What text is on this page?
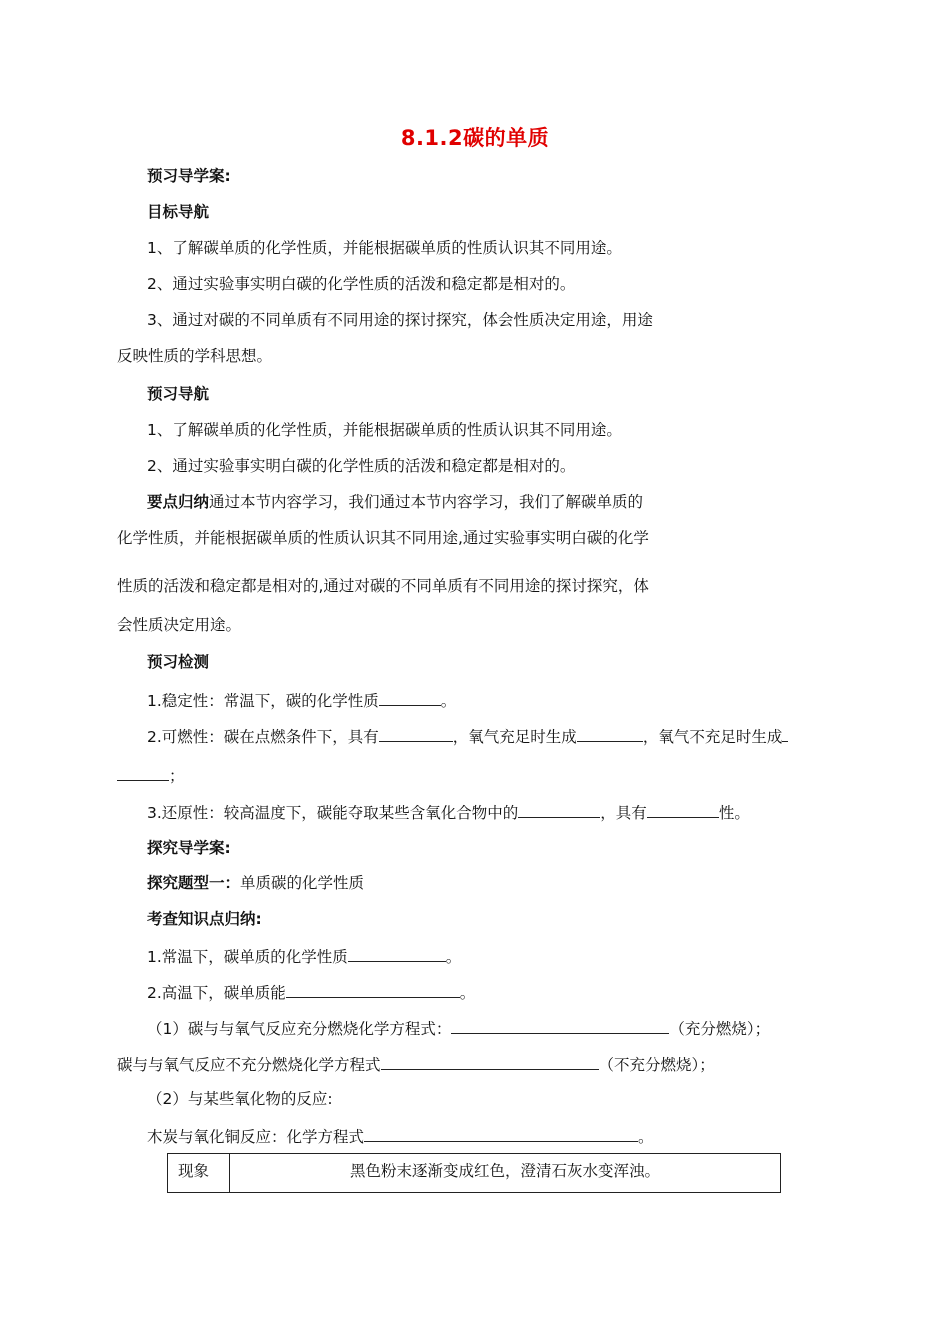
8.1.2碳的单质
预习导学案:
目标导航
1、了解碳单质的化学性质，并能根据碳单质的性质认识其不同用途。
2、通过实验事实明白碳的化学性质的活泼和稳定都是相对的。
3、通过对碳的不同单质有不同用途的探讨探究，体会性质决定用途，用途
反映性质的学科思想。
预习导航
1、了解碳单质的化学性质，并能根据碳单质的性质认识其不同用途。
2、通过实验事实明白碳的化学性质的活泼和稳定都是相对的。
要点归纳通过本节内容学习，我们通过本节内容学习，我们了解碳单质的
化学性质，并能根据碳单质的性质认识其不同用途,通过实验事实明白碳的化学
性质的活泼和稳定都是相对的,通过对碳的不同单质有不同用途的探讨探究，体
会性质决定用途。
预习检测
1.稳定性：常温下，碳的化学性质	。
2.可燃性：碳在点燃条件下，具有	，氧气充足时生成	，氧气不充足时生成
；
3.还原性：较高温度下，碳能夺取某些含氧化合物中的	，具有	性。
探究导学案:
探究题型一：单质碳的化学性质
考查知识点归纳:
1.常温下，碳单质的化学性质	。
2.高温下，碳单质能	。
（1）碳与与氧气反应充分燃烧化学方程式：	（充分燃烧）；
碳与与氧气反应不充分燃烧化学方程式	（不充分燃烧）；
（2）与某些氧化物的反应:
木炭与氧化铜反应：化学方程式	。
现象	黑色粉末逐渐变成红色，澄清石灰水变浑浊。
